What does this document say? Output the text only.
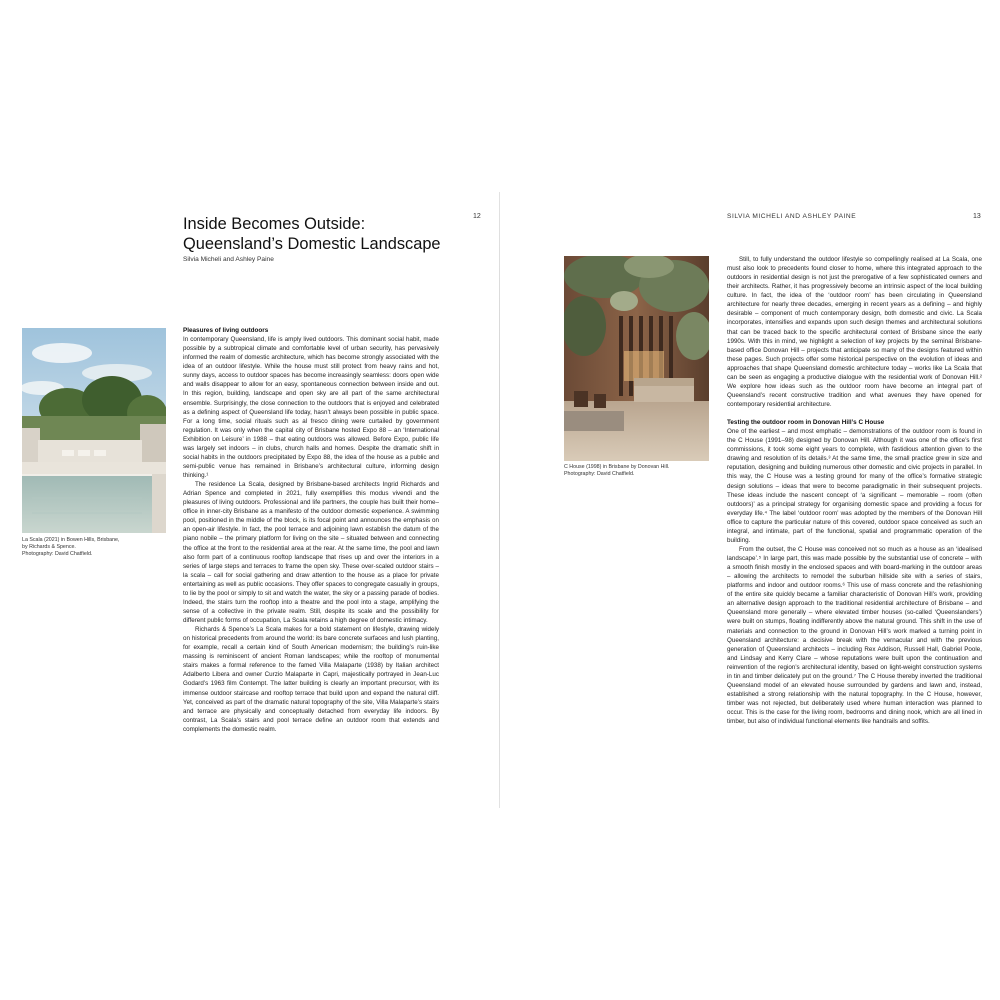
12
Inside Becomes Outside:
Queensland’s Domestic Landscape
Silvia Micheli and Ashley Paine
La Scala (2021) in Bowen Hills, Brisbane,
by Richards & Spence.
Photography: David Chatfield.
Pleasures of living outdoors

In contemporary Queensland, life is amply lived outdoors. This dominant social habit, made possible by a subtropical climate and comfortable level of urban security, has pervasively informed the realm of domestic architecture, which has become strongly associated with the idea of an outdoor lifestyle. While the house must still protect from heavy rains and hot, sunny days, access to outdoor spaces has become increasingly seamless: doors open wide and walls disappear to allow for an easy, spontaneous connection between inside and out. In this region, building, landscape and open sky are all part of the same architectural ensemble. Surprisingly, the close connection to the outdoors that is enjoyed and celebrated as a defining aspect of Queensland life today, hasn’t always been possible in public space. For a long time, social rituals such as al fresco dining were curtailed by government regulation. It was only when the capital city of Brisbane hosted Expo 88 – an ‘International Exhibition on Leisure’ in 1988 – that eating outdoors was allowed. Before Expo, public life was largely set indoors – in clubs, church halls and homes. Despite the dramatic shift in social habits in the outdoors precipitated by Expo 88, the idea of the house as a public and semi-public venue has remained in Brisbane’s architectural culture, informing design thinking.¹

The residence La Scala, designed by Brisbane-based architects Ingrid Richards and Adrian Spence and completed in 2021, fully exemplifies this modus vivendi and the pleasures of living outdoors. Professional and life partners, the couple has built their home–office in inner-city Brisbane as a manifesto of the outdoor domestic experience. A swimming pool, positioned in the middle of the block, is its focal point and announces the emphasis on an open-air lifestyle. In fact, the pool terrace and adjoining lawn establish the datum of the piano nobile – the primary platform for living on the site – situated between and connecting the office at the front to the residential area at the rear. At the same time, the pool and lawn also form part of a continuous rooftop landscape that rises up and over the interiors in a series of large steps and terraces to frame the open sky. These over-scaled outdoor stairs – la scala – call for social gathering and draw attention to the house as a place for private entertaining as well as public occasions. They offer spaces to congregate casually in groups, to lie by the pool or simply to sit and watch the water, the sky or a passing parade of bodies. Indeed, the stairs turn the rooftop into a theatre and the pool into a stage, amplifying the sense of a collective in the private realm. Still, despite its scale and the possibility for different public forms of occupation, La Scala retains a high degree of domestic intimacy.

Richards & Spence’s La Scala makes for a bold statement on lifestyle, drawing widely on historical precedents from around the world: its bare concrete surfaces and lush planting, for example, recall a certain kind of South American modernism; the building’s ruin-like massing is reminiscent of ancient Roman landscapes; while the rooftop of monumental stairs makes a formal reference to the famed Villa Malaparte (1938) by Italian architect Adalberto Libera and owner Curzio Malaparte in Capri, majestically portrayed in Jean-Luc Godard’s 1963 film Contempt. The latter building is clearly an important precursor, with its immense outdoor staircase and rooftop terrace that build upon and expand the natural cliff. Yet, conceived as part of the dramatic natural topography of the site, Villa Malaparte’s stairs and terrace are physically and conceptually detached from everyday life indoors. By contrast, La Scala’s stairs and pool terrace define an outdoor room that extends and complements the domestic realm.

SILVIA MICHELI AND ASHLEY PAINE	13
C House (1998) in Brisbane by Donovan Hill.
Photography: David Chatfield.

Still, to fully understand the outdoor lifestyle so compellingly realised at La Scala, one must also look to precedents found closer to home, where this integrated approach to the outdoors in residential design is not just the prerogative of a few sophisticated owners and their architects. Rather, it has progressively become an intrinsic aspect of the local building culture. In fact, the idea of the ‘outdoor room’ has been circulating in Queensland architecture for nearly three decades, emerging in recent years as a defining – and highly desirable – component of much contemporary design, both domestic and civic. La Scala incorporates, intensifies and expands upon such design themes and architectural solutions that can be traced back to the specific architectural context of Brisbane since the early 1990s. With this in mind, we highlight a selection of key projects by the seminal Brisbane-based office Donovan Hill – projects that anticipate so many of the designs featured within these pages. Such projects offer some historical perspective on the evolution of ideas and approaches that shape Queensland domestic architecture today – works like La Scala that can be seen as engaging a productive dialogue with the residential work of Donovan Hill.² We explore how ideas such as the outdoor room have become an integral part of Queensland’s recent constructive tradition and what avenues they have opened for contemporary residential architecture.

Testing the outdoor room in Donovan Hill’s C House

One of the earliest – and most emphatic – demonstrations of the outdoor room is found in the C House (1991–98) designed by Donovan Hill. Although it was one of the office’s first commissions, it took some eight years to complete, with fastidious attention given to the drawing and resolution of its details.³ At the same time, the small practice grew in size and reputation, designing and building numerous other domestic and civic projects in parallel. In this way, the C House was a testing ground for many of the office’s formative strategic design solutions – ideas that were to become paradigmatic in their subsequent projects. These ideas include the nascent concept of ‘a significant – memorable – room (often outdoors)’ as a principal strategy for organising domestic space and providing a focus for everyday life.⁴ The label ‘outdoor room’ was adopted by the members of the Donovan Hill office to capture the particular nature of this covered, outdoor space conceived as such an integral, and intimate, part of the functional, spatial and programmatic operation of the building.

From the outset, the C House was conceived not so much as a house as an ‘idealised landscape’.⁵ In large part, this was made possible by the substantial use of concrete – with a smooth finish mostly in the enclosed spaces and with board-marking in the outdoor areas – allowing the architects to remodel the suburban hillside site with a series of stairs, platforms and indoor and outdoor rooms.⁶ This use of mass concrete and the refashioning of the entire site quickly became a familiar characteristic of Donovan Hill’s work, providing an alternative design approach to the traditional residential architecture of Brisbane – and Queensland more generally – where elevated timber houses (so-called ‘Queenslanders’) were built on stumps, floating indifferently above the natural ground. This shift in the use of materials and connection to the ground in Donovan Hill’s work marked a turning point in Queensland architecture: a decisive break with the vernacular and with the previous generation of Queensland architects – including Rex Addison, Russell Hall, Gabriel Poole, and Lindsay and Kerry Clare – whose reputations were built upon the continuation and reinvention of the region’s architectural identity, based on light-weight construction systems in tin and timber delicately put on the ground.⁷ The C House thereby inverted the traditional Queensland model of an elevated house surrounded by gardens and lawn and, instead, established a strong relationship with the natural topography. In the C House, however, timber was not rejected, but deliberately used where human interaction was planned to occur. This is the case for the living room, bedrooms and dining nook, which are all lined in timber, but also of individual functional elements like handrails and soffits.
